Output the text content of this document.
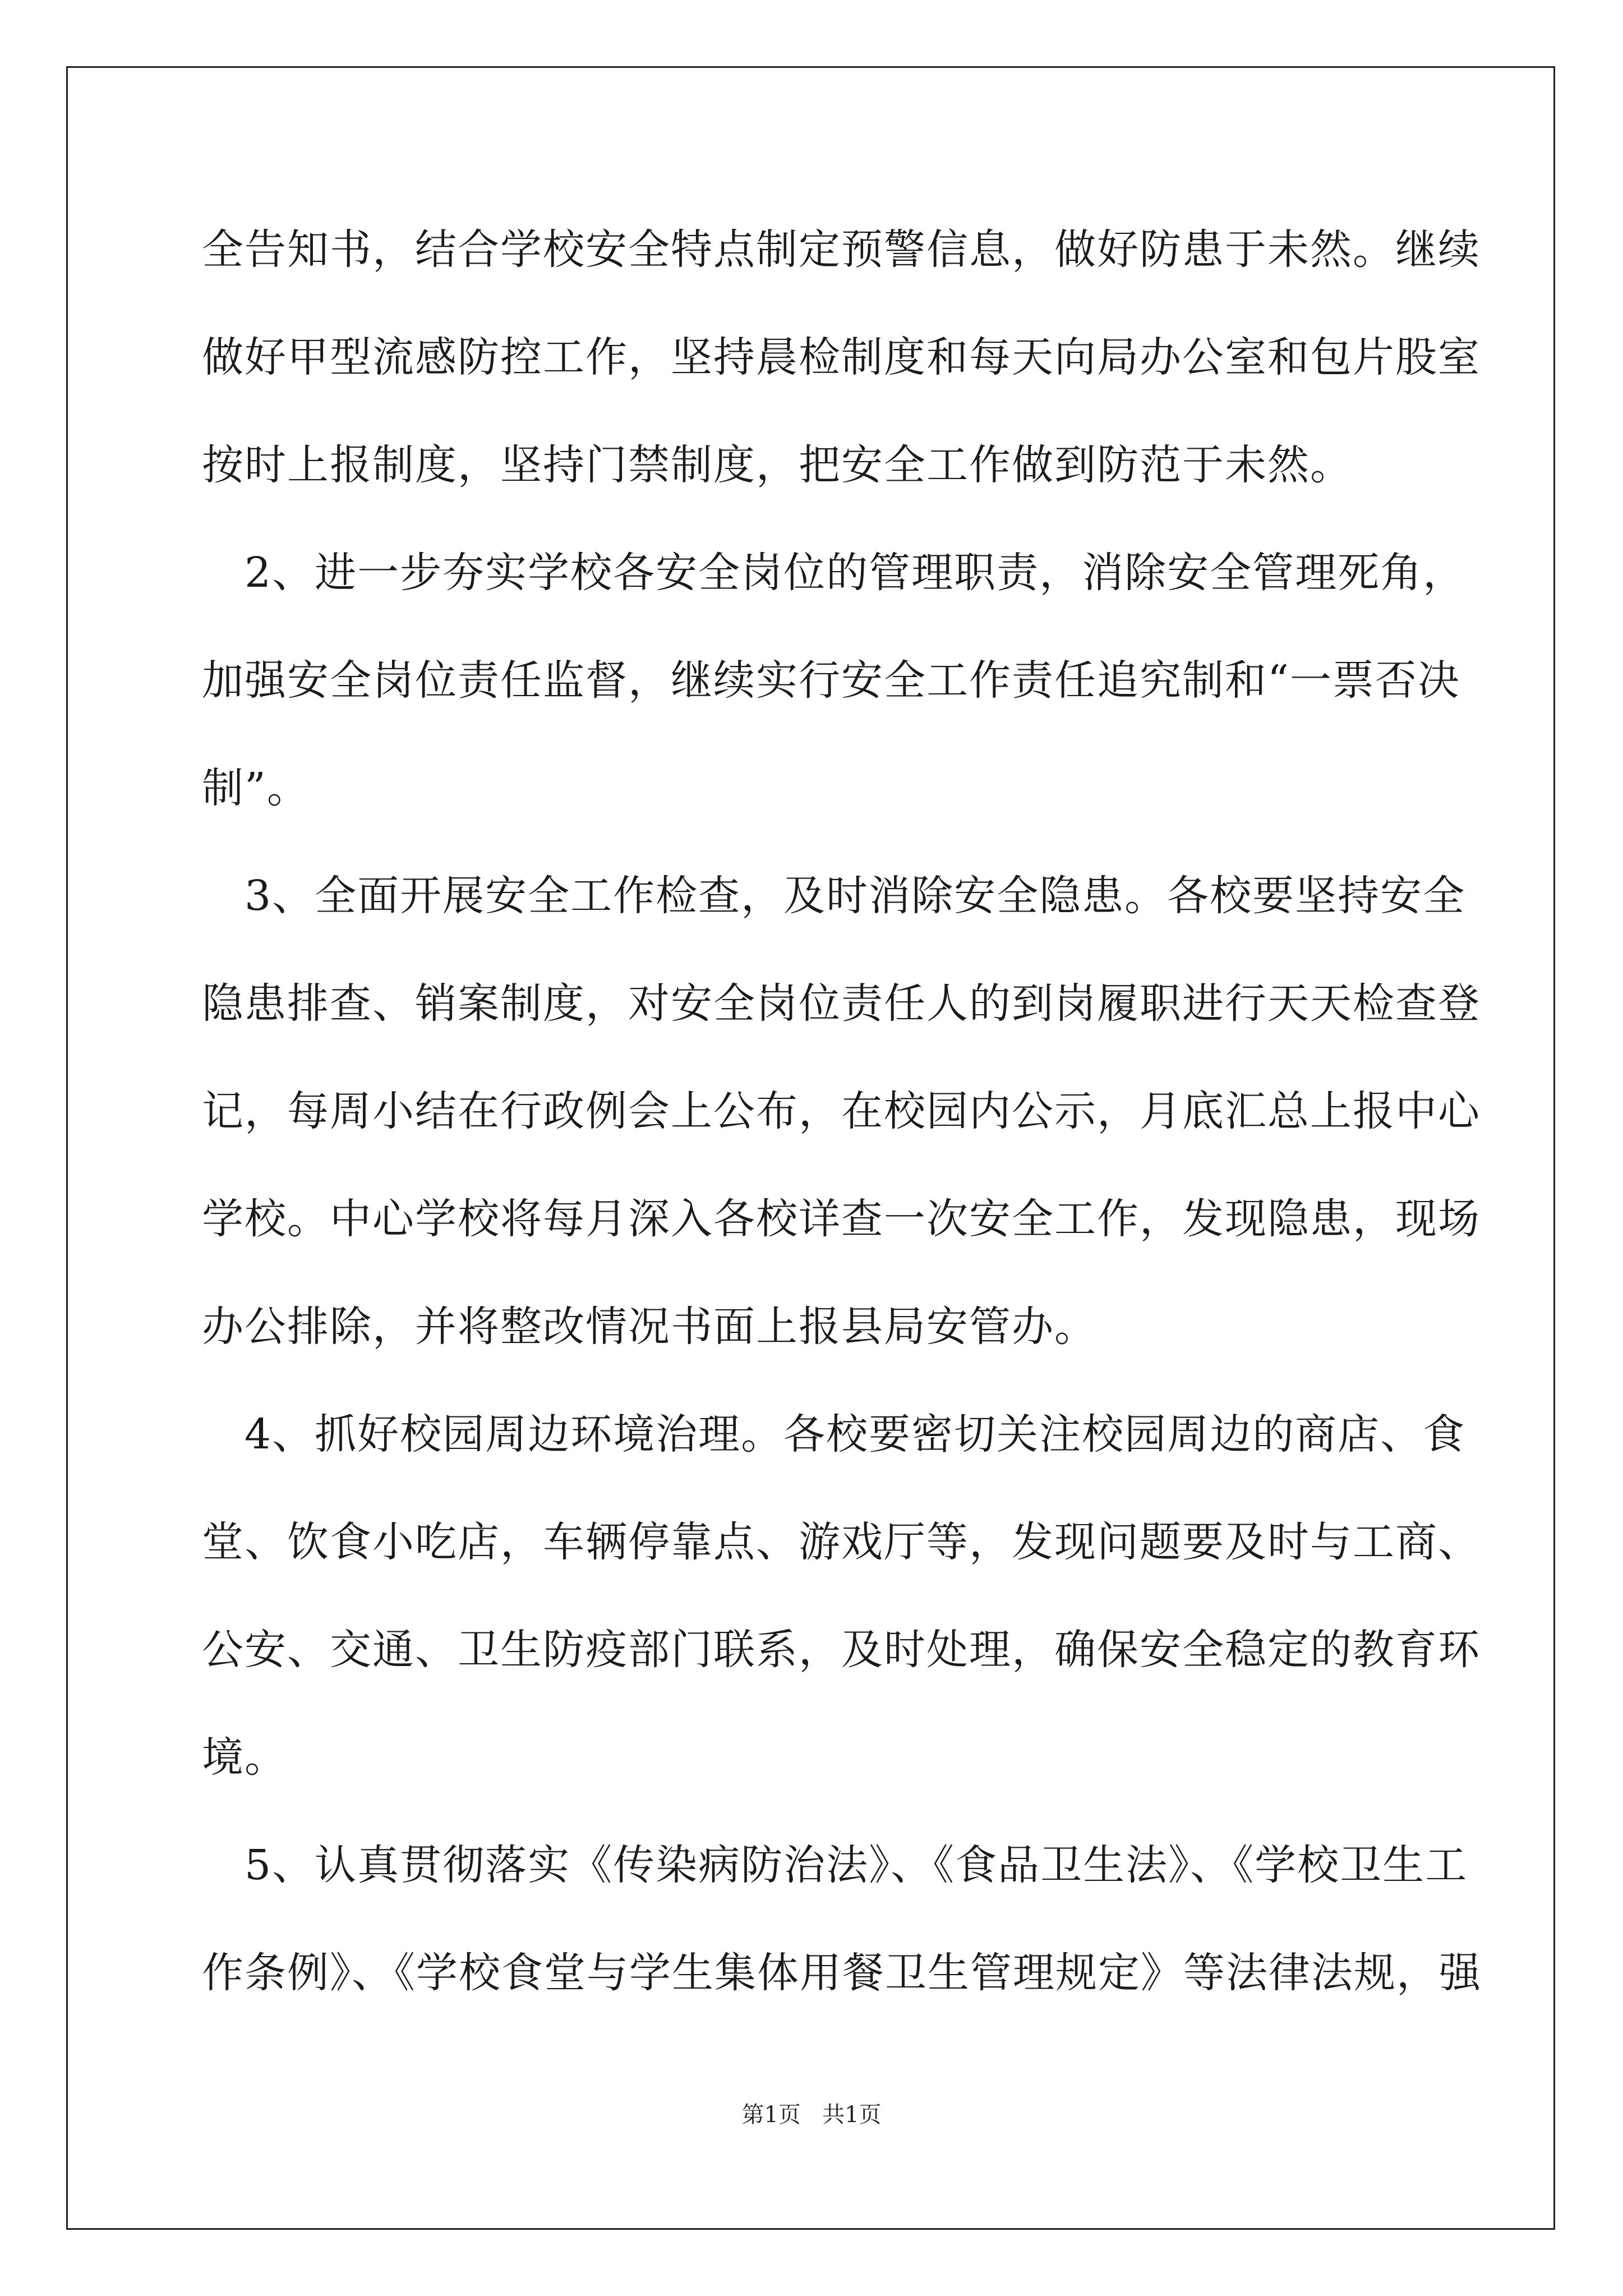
全告知书，结合学校安全特点制定预警信息，做好防患于未然。继续
做好甲型流感防控工作，坚持晨检制度和每天向局办公室和包片股室
按时上报制度，坚持门禁制度，把安全工作做到防范于未然。
　2、进一步夯实学校各安全岗位的管理职责，消除安全管理死角，
加强安全岗位责任监督，继续实行安全工作责任追究制和“一票否决
制”。
　3、全面开展安全工作检查，及时消除安全隐患。各校要坚持安全
隐患排查、销案制度，对安全岗位责任人的到岗履职进行天天检查登
记，每周小结在行政例会上公布，在校园内公示，月底汇总上报中心
学校。中心学校将每月深入各校详查一次安全工作，发现隐患，现场
办公排除，并将整改情况书面上报县局安管办。
　4、抓好校园周边环境治理。各校要密切关注校园周边的商店、食
堂、饮食小吃店，车辆停靠点、游戏厅等，发现问题要及时与工商、
公安、交通、卫生防疫部门联系，及时处理，确保安全稳定的教育环
境。
　5、认真贯彻落实《传染病防治法》、《食品卫生法》、《学校卫生工
作条例》、《学校食堂与学生集体用餐卫生管理规定》等法律法规，强
第1页 共1页
